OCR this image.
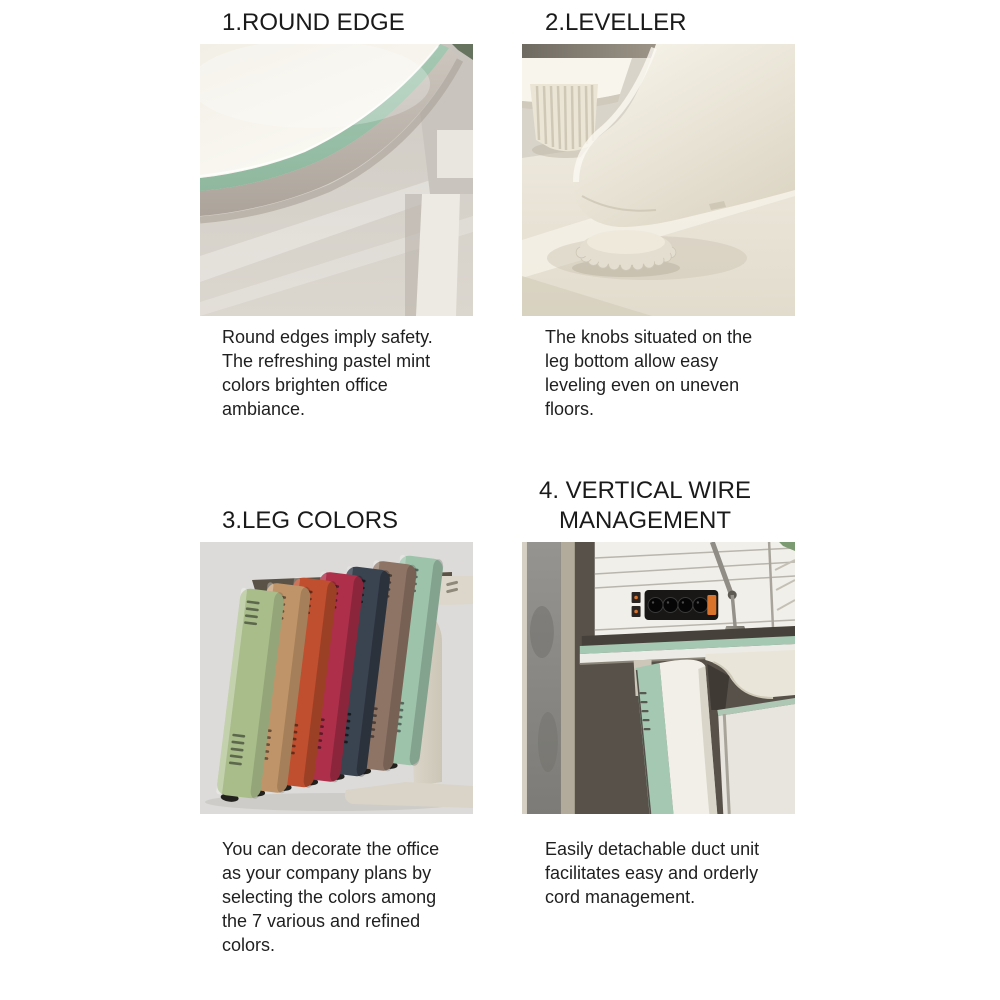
1.ROUND EDGE	2.LEVELLER
3.LEG COLORS
4. VERTICAL WIRE MANAGEMENT
Round edges imply safety.
The refreshing pastel mint
colors brighten office
ambiance.
The knobs situated on the
leg bottom allow easy
leveling even on uneven
floors.
You can decorate the office
as your company plans by
selecting the colors among
the 7 various and refined
colors.
Easily detachable duct unit
facilitates easy and orderly
cord management.
